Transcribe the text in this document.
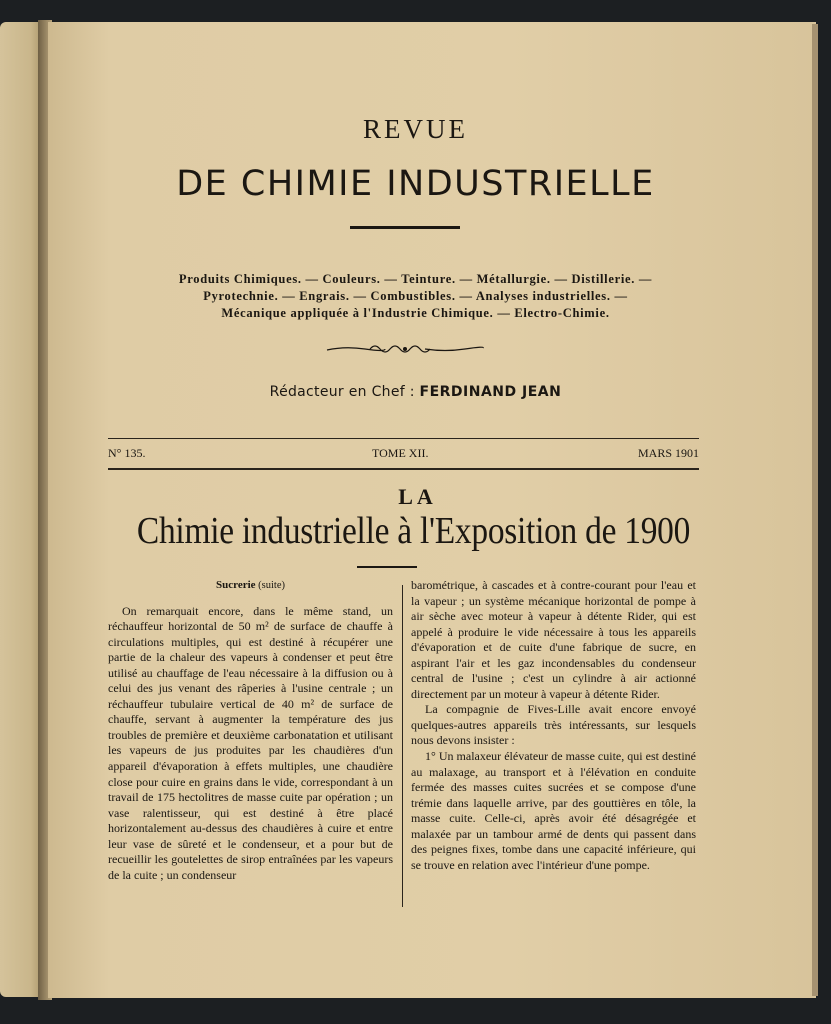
REVUE
DE CHIMIE INDUSTRIELLE
Produits Chimiques. — Couleurs. — Teinture. — Métallurgie. — Distillerie. —
Pyrotechnie. — Engrais. — Combustibles. — Analyses industrielles. —
Mécanique appliquée à l'Industrie Chimique. — Electro-Chimie.
Rédacteur en Chef : FERDINAND JEAN
N° 135.	TOME XII.	MARS 1901
LA
Chimie industrielle à l'Exposition de 1900

Sucrerie (suite)

On remarquait encore, dans le même stand, un réchauffeur horizontal de 50 m² de surface de chauffe à circulations multiples, qui est destiné à récupérer une partie de la chaleur des vapeurs à condenser et peut être utilisé au chauffage de l'eau nécessaire à la diffusion ou à celui des jus venant des râperies à l'usine centrale ; un réchauffeur tubulaire vertical de 40 m² de surface de chauffe, servant à augmenter la température des jus troubles de première et deuxième carbonatation et utilisant les vapeurs de jus produites par les chaudières d'un appareil d'évaporation à effets multiples, une chaudière close pour cuire en grains dans le vide, correspondant à un travail de 175 hectolitres de masse cuite par opération ; un vase ralentisseur, qui est destiné à être placé horizontalement au-dessus des chaudières à cuire et entre leur vase de sûreté et le condenseur, et a pour but de recueillir les goutelettes de sirop entraînées par les vapeurs de la cuite ; un condenseur

barométrique, à cascades et à contre-courant pour l'eau et la vapeur ; un système mécanique horizontal de pompe à air sèche avec moteur à vapeur à détente Rider, qui est appelé à produire le vide nécessaire à tous les appareils d'évaporation et de cuite d'une fabrique de sucre, en aspirant l'air et les gaz incondensables du condenseur central de l'usine ; c'est un cylindre à air actionné directement par un moteur à vapeur à détente Rider.

La compagnie de Fives-Lille avait encore envoyé quelques-autres appareils très intéressants, sur lesquels nous devons insister :

1° Un malaxeur élévateur de masse cuite, qui est destiné au malaxage, au transport et à l'élévation en conduite fermée des masses cuites sucrées et se compose d'une trémie dans laquelle arrive, par des gouttières en tôle, la masse cuite. Celle-ci, après avoir été désagrégée et malaxée par un tambour armé de dents qui passent dans des peignes fixes, tombe dans une capacité inférieure, qui se trouve en relation avec l'intérieur d'une pompe.
